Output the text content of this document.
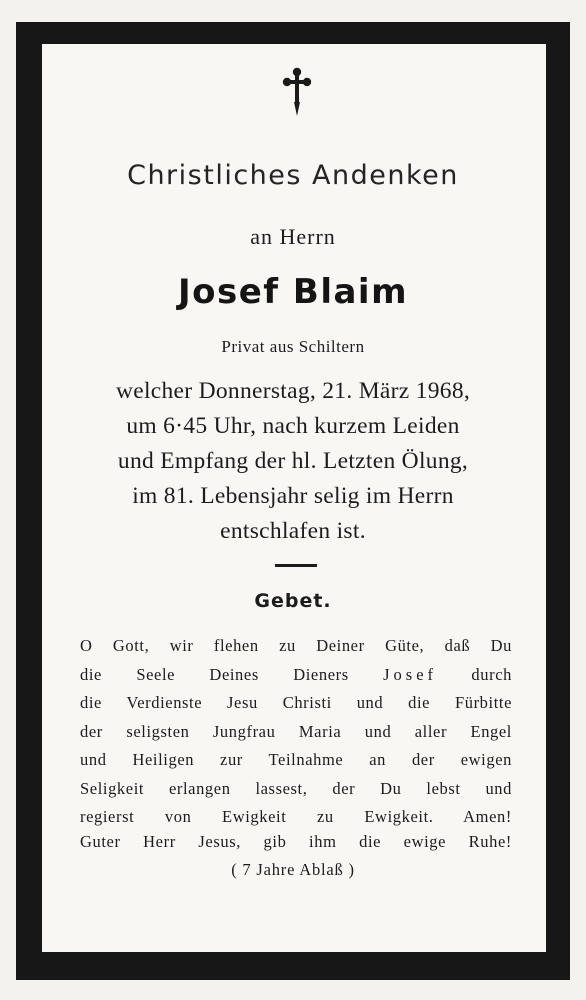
Christliches Andenken
an Herrn
Josef Blaim
Privat aus Schiltern
welcher Donnerstag, 21. März 1968,
um 6·45 Uhr, nach kurzem Leiden
und Empfang der hl. Letzten Ölung,
im 81. Lebensjahr selig im Herrn
entschlafen ist.
Gebet.
O Gott, wir flehen zu Deiner Güte, daß Du
die Seele Deines Dieners Josef durch
die Verdienste Jesu Christi und die Fürbitte
der seligsten Jungfrau Maria und aller Engel
und Heiligen zur Teilnahme an der ewigen
Seligkeit erlangen lassest, der Du lebst und
regierst von Ewigkeit zu Ewigkeit. Amen!
Guter Herr Jesus, gib ihm die ewige Ruhe!
( 7 Jahre Ablaß )
